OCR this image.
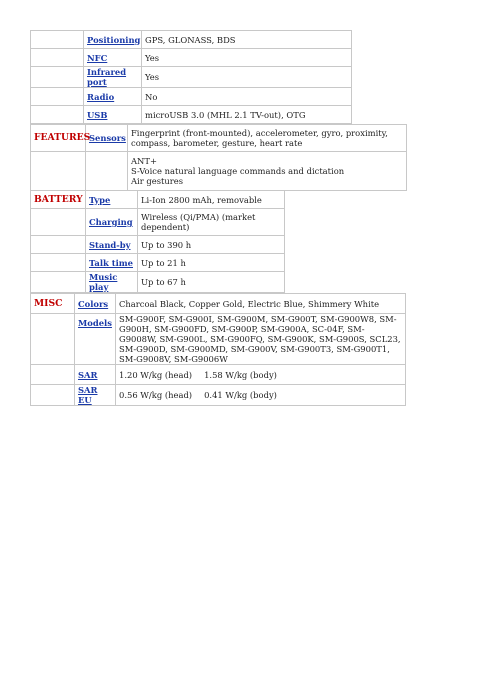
	Positioning	GPS, GLONASS, BDS
	NFC	Yes
	Infrared port	Yes
	Radio	No
	USB	microUSB 3.0 (MHL 2.1 TV-out), OTG
FEATURES	Sensors	Fingerprint (front-mounted), accelerometer, gyro, proximity, compass, barometer, gesture, heart rate

		ANT+
S-Voice natural language commands and dictation
Air gestures
BATTERY	Type	Li-Ion 2800 mAh, removable
	Charging	Wireless (Qi/PMA) (market dependent)
	Stand-by	Up to 390 h
	Talk time	Up to 21 h
	Music play	Up to 67 h
MISC	Colors	Charcoal Black, Copper Gold, Electric Blue, Shimmery White
	Models	SM-G900F, SM-G900I, SM-G900M, SM-G900T, SM-G900W8, SM-G900H, SM-G900FD, SM-G900P, SM-G900A, SC-04F, SM-G9008W, SM-G900L, SM-G900FQ, SM-G900K, SM-G900S, SCL23, SM-G900D, SM-G900MD, SM-G900V, SM-G900T3, SM-G900T1, SM-G9008V, SM-G9006W
	SAR	1.20 W/kg (head) 1.58 W/kg (body)
	SAR EU	0.56 W/kg (head) 0.41 W/kg (body)
